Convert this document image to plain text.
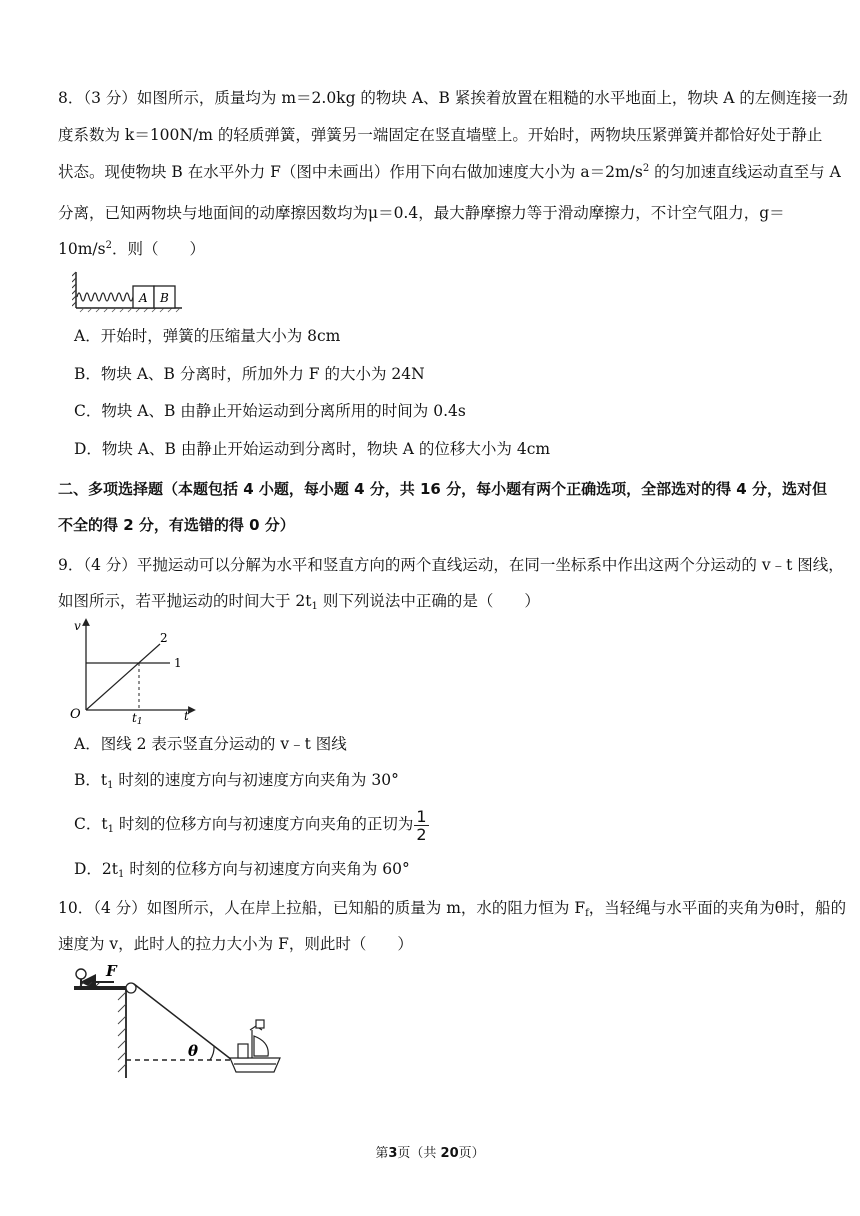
8．（3 分）如图所示，质量均为 m＝2.0kg 的物块 A、B 紧挨着放置在粗糙的水平地面上，物块 A 的左侧连接一劲
度系数为 k＝100N/m 的轻质弹簧，弹簧另一端固定在竖直墙壁上。开始时，两物块压紧弹簧并都恰好处于静止
状态。现使物块 B 在水平外力 F（图中未画出）作用下向右做加速度大小为 $a=2m/s^2$ 的匀加速直线运动直至与 A
分离，已知两物块与地面间的动摩擦因数均为μ＝0.4，最大静摩擦力等于滑动摩擦力，不计空气阻力，g＝
$10m/s^2$．则（　　）
A B
A．开始时，弹簧的压缩量大小为 8cm
B．物块 A、B 分离时，所加外力 F 的大小为 24N
C．物块 A、B 由静止开始运动到分离所用的时间为 0.4s
D．物块 A、B 由静止开始运动到分离时，物块 A 的位移大小为 4cm
二、多项选择题（本题包括 4 小题，每小题 4 分，共 16 分，每小题有两个正确选项，全部选对的得 4 分，选对但
不全的得 2 分，有选错的得 0 分）
9．（4 分）平抛运动可以分解为水平和竖直方向的两个直线运动，在同一坐标系中作出这两个分运动的 v﹣t 图线，
如图所示，若平抛运动的时间大于 $2t_1$ 则下列说法中正确的是（　　）
v
t
O	t1
1
2
A．图线 2 表示竖直分运动的 v﹣t 图线
B．$t_1$ 时刻的速度方向与初速度方向夹角为 30°
C．$t_1$ 时刻的位移方向与初速度方向夹角的正切为 $\frac{1}{2}$
D．$2t_1$ 时刻的位移方向与初速度方向夹角为 60°
10．（4 分）如图所示，人在岸上拉船，已知船的质量为 m，水的阻力恒为 $F_f$，当轻绳与水平面的夹角为θ时，船的
速度为 v，此时人的拉力大小为 F，则此时（　　）
F
θ
第3页（共 20页）
